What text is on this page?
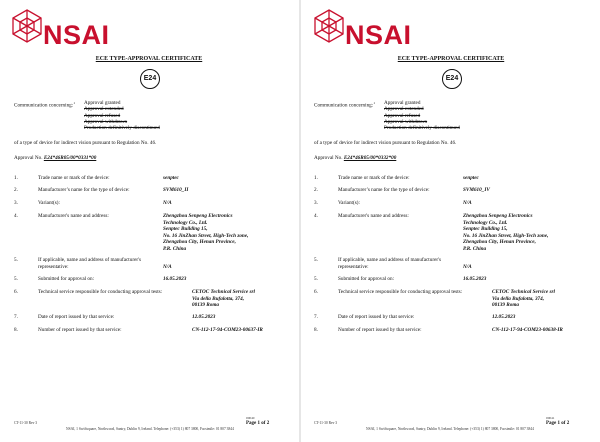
NSAI
ECE TYPE-APPROVAL CERTIFICATE
E24
Communication concerning:$^1$ Approval granted
Approval extended
Approval refused
Approval withdrawn
Production definitively discontinued
of a type of device for indirect vision pursuant to Regulation No. 46.
Approval No. E24*46R05/00*0331*00
1.	Trade name or mark of the device:	senptec
2.	Manufacturer’s name for the type of device:	SVM610_II
3.	Variant(s):	N/A
4.	Manufacturer's name and address:	Zhengzhou Senpeng Electronics
Technology Co., Ltd.
Senptec Building 15,
No. 16 JinZhan Street, High-Tech zone,
Zhengzhou City, Henan Province,
P.R. China
5.	If applicable, name and address of manufacturer's
representative:	N/A
5.	Submitted for approval on:	16.05.2023
6.	Technical service responsible for conducting approval tests:	CETOC Technical Service srl
Via della Bufalotta, 374,
00139 Roma
7.	Date of report issued by that service:	12.05.2023
8.	Number of report issued by that service:	CN-112-17-94-COM23-00637-IR
CT-11-30 Rev 3
NSAI, 1 Swiftsquare, Northwood, Santry, Dublin 9, Ireland. Telephone: (+353) 1) 807 3800, Facsimile: 01 807 3844
00040
Page 1 of 2
NSAI
ECE TYPE-APPROVAL CERTIFICATE
E24
Communication concerning:$^1$ Approval granted
Approval extended
Approval refused
Approval withdrawn
Production definitively discontinued
of a type of device for indirect vision pursuant to Regulation No. 46.
Approval No. E24*46R05/00*0332*00
1.	Trade name or mark of the device:	senptec
2.	Manufacturer’s name for the type of device:	SVM610_IV
3.	Variant(s):	N/A
4.	Manufacturer's name and address:	Zhengzhou Senpeng Electronics
Technology Co., Ltd.
Senptec Building 15,
No. 16 JinZhan Street, High-Tech zone,
Zhengzhou City, Henan Province,
P.R. China
5.	If applicable, name and address of manufacturer's
representative:	N/A
5.	Submitted for approval on:	16.05.2023
6.	Technical service responsible for conducting approval tests:	CETOC Technical Service srl
Via della Bufalotta, 374,
00139 Roma
7.	Date of report issued by that service:	12.05.2023
8.	Number of report issued by that service:	CN-112-17-94-COM23-00638-IR
CT-11-30 Rev 3
NSAI, 1 Swiftsquare, Northwood, Santry, Dublin 9, Ireland. Telephone: (+353) 1) 807 3800, Facsimile: 01 807 3844
00041
Page 1 of 2
